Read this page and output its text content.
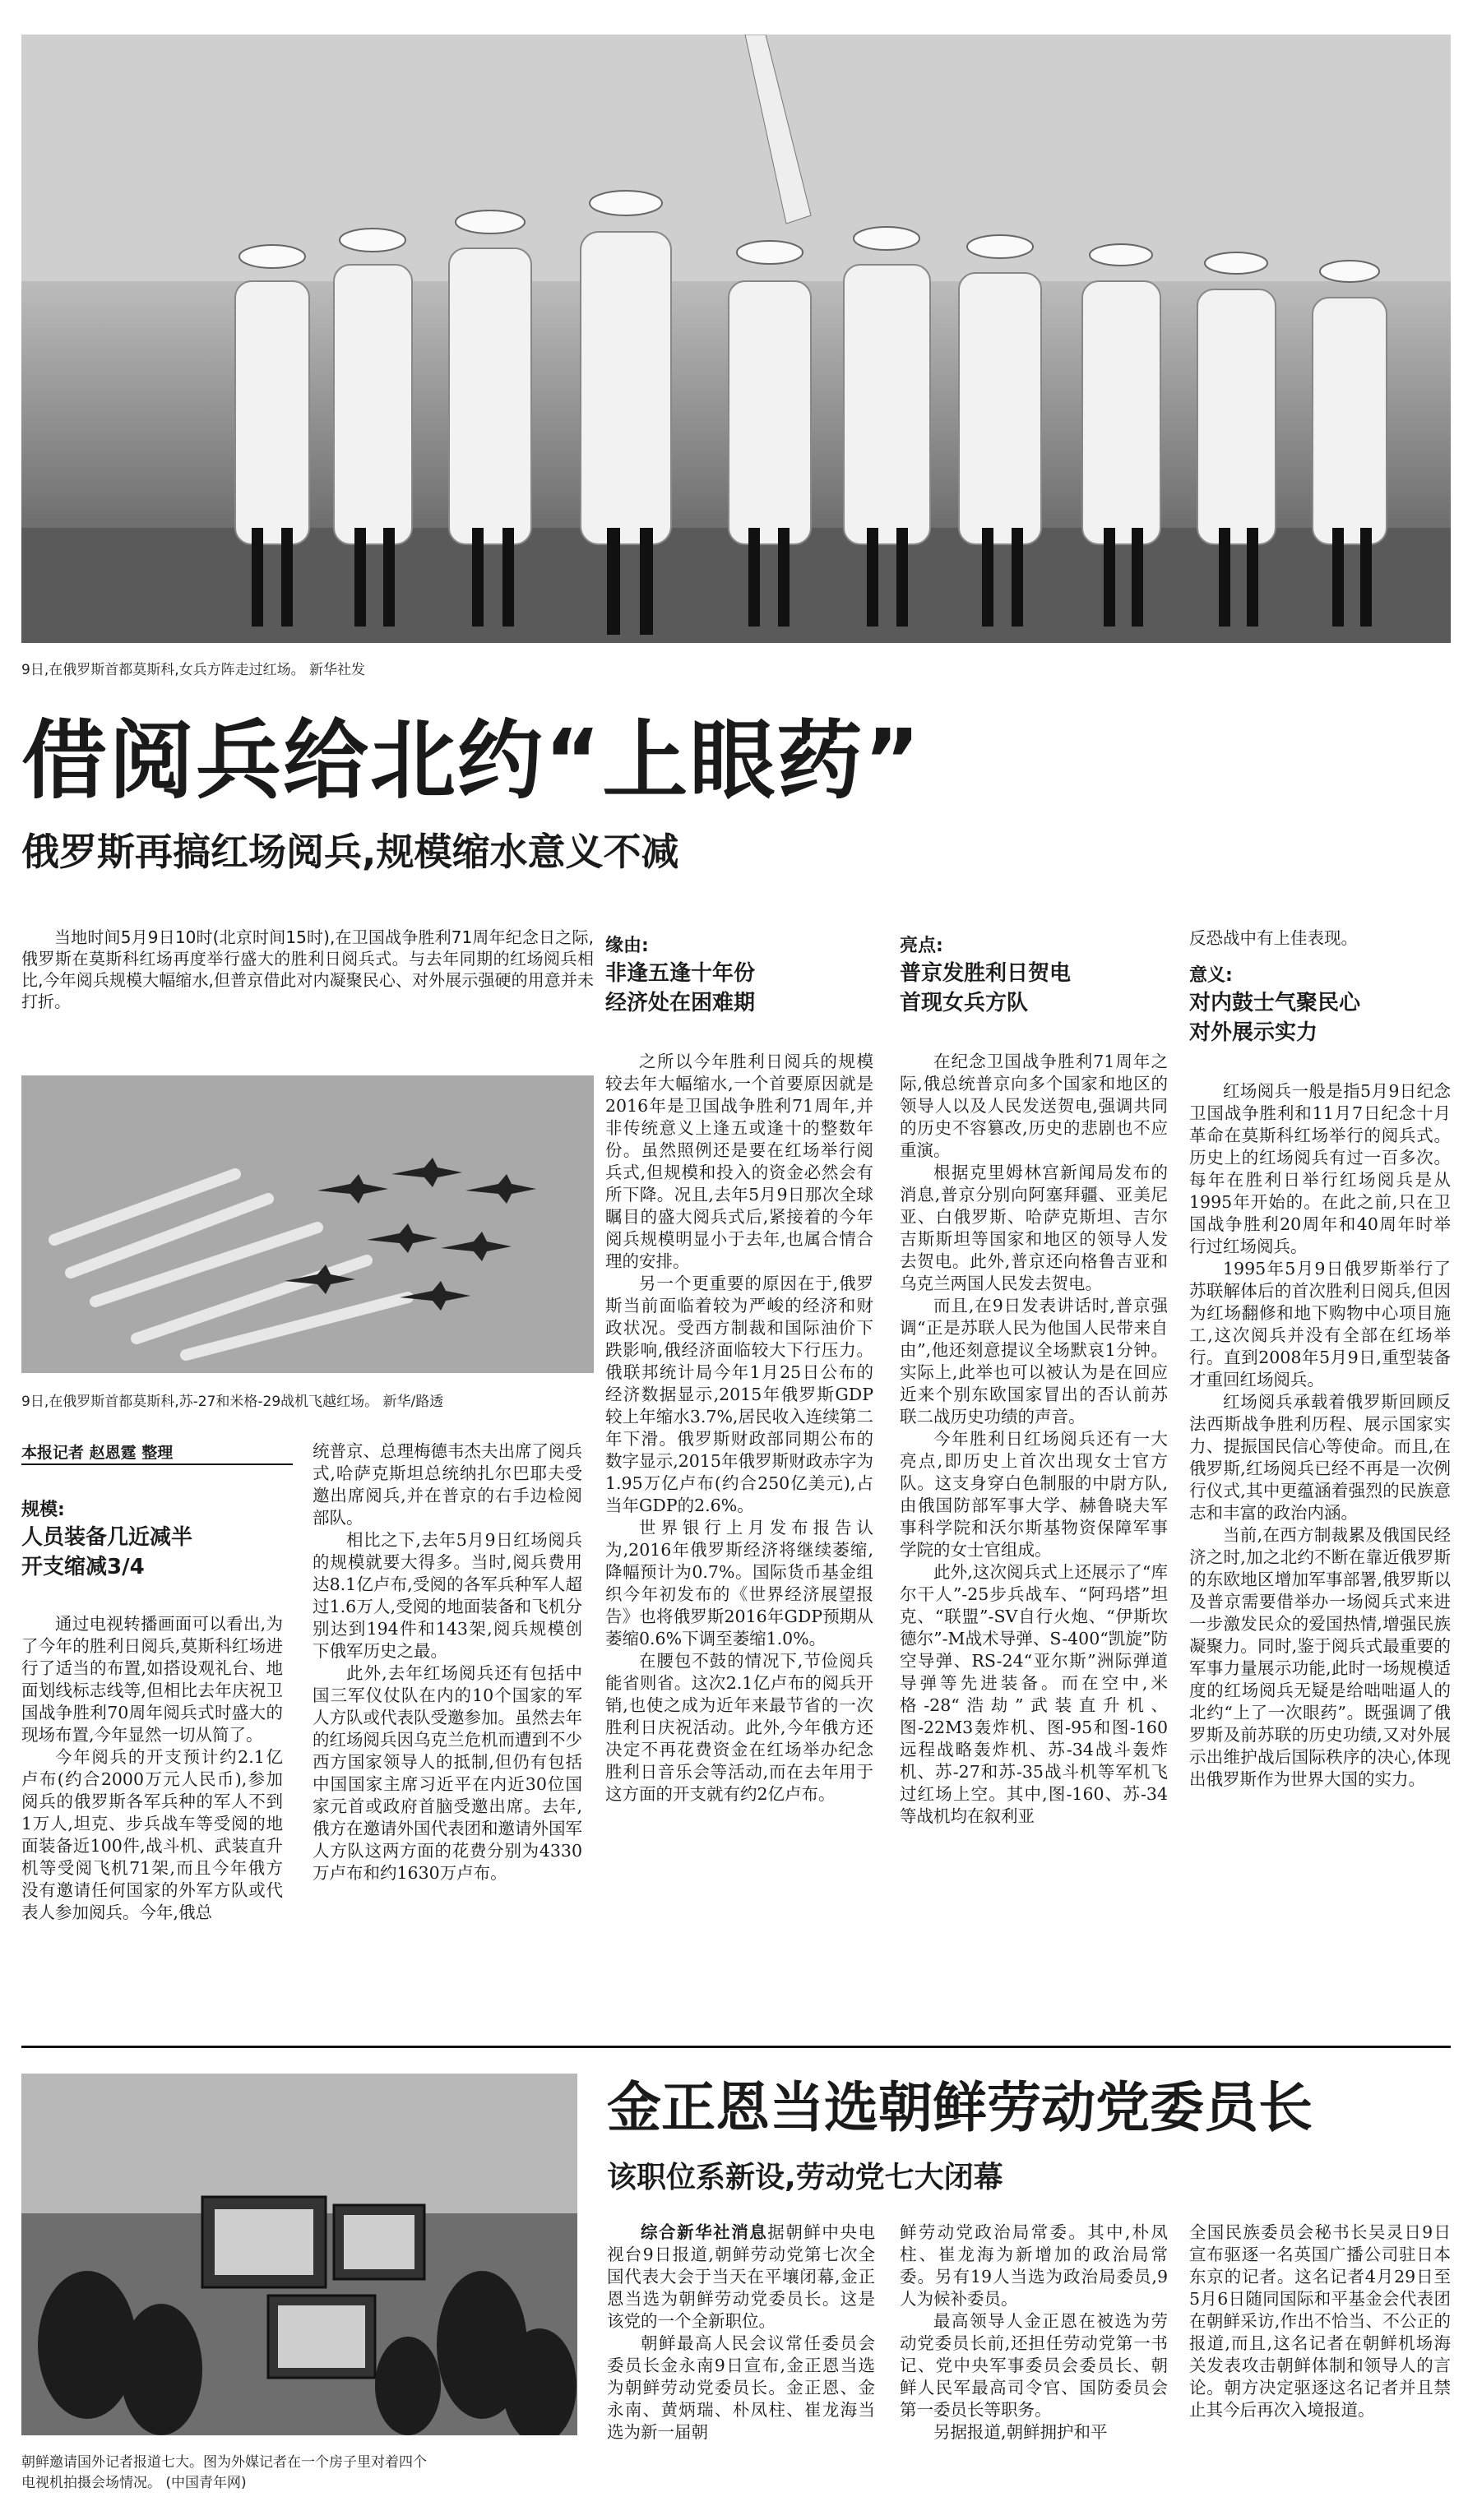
9日,在俄罗斯首都莫斯科,女兵方阵走过红场。 新华社发
借阅兵给北约“上眼药”
俄罗斯再搞红场阅兵,规模缩水意义不减

当地时间5月9日10时(北京时间15时),在卫国战争胜利71周年纪念日之际,俄罗斯在莫斯科红场再度举行盛大的胜利日阅兵式。与去年同期的红场阅兵相比,今年阅兵规模大幅缩水,但普京借此对内凝聚民心、对外展示强硬的用意并未打折。

9日,在俄罗斯首都莫斯科,苏-27和米格-29战机飞越红场。 新华/路透
本报记者 赵恩霆 整理
规模:
人员装备几近减半
开支缩减3/4

通过电视转播画面可以看出,为了今年的胜利日阅兵,莫斯科红场进行了适当的布置,如搭设观礼台、地面划线标志线等,但相比去年庆祝卫国战争胜利70周年阅兵式时盛大的现场布置,今年显然一切从简了。

今年阅兵的开支预计约2.1亿卢布(约合2000万元人民币),参加阅兵的俄罗斯各军兵种的军人不到1万人,坦克、步兵战车等受阅的地面装备近100件,战斗机、武装直升机等受阅飞机71架,而且今年俄方没有邀请任何国家的外军方队或代表人参加阅兵。今年,俄总

统普京、总理梅德韦杰夫出席了阅兵式,哈萨克斯坦总统纳扎尔巴耶夫受邀出席阅兵,并在普京的右手边检阅部队。

相比之下,去年5月9日红场阅兵的规模就要大得多。当时,阅兵费用达8.1亿卢布,受阅的各军兵种军人超过1.6万人,受阅的地面装备和飞机分别达到194件和143架,阅兵规模创下俄军历史之最。

此外,去年红场阅兵还有包括中国三军仪仗队在内的10个国家的军人方队或代表队受邀参加。虽然去年的红场阅兵因乌克兰危机而遭到不少西方国家领导人的抵制,但仍有包括中国国家主席习近平在内近30位国家元首或政府首脑受邀出席。去年,俄方在邀请外国代表团和邀请外国军人方队这两方面的花费分别为4330万卢布和约1630万卢布。

缘由:
非逢五逢十年份
经济处在困难期

之所以今年胜利日阅兵的规模较去年大幅缩水,一个首要原因就是2016年是卫国战争胜利71周年,并非传统意义上逢五或逢十的整数年份。虽然照例还是要在红场举行阅兵式,但规模和投入的资金必然会有所下降。况且,去年5月9日那次全球瞩目的盛大阅兵式后,紧接着的今年阅兵规模明显小于去年,也属合情合理的安排。

另一个更重要的原因在于,俄罗斯当前面临着较为严峻的经济和财政状况。受西方制裁和国际油价下跌影响,俄经济面临较大下行压力。俄联邦统计局今年1月25日公布的经济数据显示,2015年俄罗斯GDP较上年缩水3.7%,居民收入连续第二年下滑。俄罗斯财政部同期公布的数字显示,2015年俄罗斯财政赤字为1.95万亿卢布(约合250亿美元),占当年GDP的2.6%。

世界银行上月发布报告认为,2016年俄罗斯经济将继续萎缩,降幅预计为0.7%。国际货币基金组织今年初发布的《世界经济展望报告》也将俄罗斯2016年GDP预期从萎缩0.6%下调至萎缩1.0%。

在腰包不鼓的情况下,节俭阅兵能省则省。这次2.1亿卢布的阅兵开销,也使之成为近年来最节省的一次胜利日庆祝活动。此外,今年俄方还决定不再花费资金在红场举办纪念胜利日音乐会等活动,而在去年用于这方面的开支就有约2亿卢布。

亮点:
普京发胜利日贺电
首现女兵方队

在纪念卫国战争胜利71周年之际,俄总统普京向多个国家和地区的领导人以及人民发送贺电,强调共同的历史不容篡改,历史的悲剧也不应重演。

根据克里姆林宫新闻局发布的消息,普京分别向阿塞拜疆、亚美尼亚、白俄罗斯、哈萨克斯坦、吉尔吉斯斯坦等国家和地区的领导人发去贺电。此外,普京还向格鲁吉亚和乌克兰两国人民发去贺电。

而且,在9日发表讲话时,普京强调“正是苏联人民为他国人民带来自由”,他还刻意提议全场默哀1分钟。实际上,此举也可以被认为是在回应近来个别东欧国家冒出的否认前苏联二战历史功绩的声音。

今年胜利日红场阅兵还有一大亮点,即历史上首次出现女士官方队。这支身穿白色制服的中尉方队,由俄国防部军事大学、赫鲁晓夫军事科学院和沃尔斯基物资保障军事学院的女士官组成。

此外,这次阅兵式上还展示了“库尔干人”-25步兵战车、“阿玛塔”坦克、“联盟”-SV自行火炮、“伊斯坎德尔”-M战术导弹、S-400“凯旋”防空导弹、RS-24“亚尔斯”洲际弹道导弹等先进装备。而在空中,米格-28“浩劫”武装直升机、图-22M3轰炸机、图-95和图-160远程战略轰炸机、苏-34战斗轰炸机、苏-27和苏-35战斗机等军机飞过红场上空。其中,图-160、苏-34等战机均在叙利亚

反恐战中有上佳表现。

意义:
对内鼓士气聚民心
对外展示实力

红场阅兵一般是指5月9日纪念卫国战争胜利和11月7日纪念十月革命在莫斯科红场举行的阅兵式。历史上的红场阅兵有过一百多次。每年在胜利日举行红场阅兵是从1995年开始的。在此之前,只在卫国战争胜利20周年和40周年时举行过红场阅兵。

1995年5月9日俄罗斯举行了苏联解体后的首次胜利日阅兵,但因为红场翻修和地下购物中心项目施工,这次阅兵并没有全部在红场举行。直到2008年5月9日,重型装备才重回红场阅兵。

红场阅兵承载着俄罗斯回顾反法西斯战争胜利历程、展示国家实力、提振国民信心等使命。而且,在俄罗斯,红场阅兵已经不再是一次例行仪式,其中更蕴涵着强烈的民族意志和丰富的政治内涵。

当前,在西方制裁累及俄国民经济之时,加之北约不断在靠近俄罗斯的东欧地区增加军事部署,俄罗斯以及普京需要借举办一场阅兵式来进一步激发民众的爱国热情,增强民族凝聚力。同时,鉴于阅兵式最重要的军事力量展示功能,此时一场规模适度的红场阅兵无疑是给咄咄逼人的北约“上了一次眼药”。既强调了俄罗斯及前苏联的历史功绩,又对外展示出维护战后国际秩序的决心,体现出俄罗斯作为世界大国的实力。

朝鲜邀请国外记者报道七大。图为外媒记者在一个房子里对着四个
电视机拍摄会场情况。 (中国青年网)
金正恩当选朝鲜劳动党委员长
该职位系新设,劳动党七大闭幕

综合新华社消息据朝鲜中央电视台9日报道,朝鲜劳动党第七次全国代表大会于当天在平壤闭幕,金正恩当选为朝鲜劳动党委员长。这是该党的一个全新职位。

朝鲜最高人民会议常任委员会委员长金永南9日宣布,金正恩当选为朝鲜劳动党委员长。金正恩、金永南、黄炳瑞、朴凤柱、崔龙海当选为新一届朝

鲜劳动党政治局常委。其中,朴凤柱、崔龙海为新增加的政治局常委。另有19人当选为政治局委员,9人为候补委员。

最高领导人金正恩在被选为劳动党委员长前,还担任劳动党第一书记、党中央军事委员会委员长、朝鲜人民军最高司令官、国防委员会第一委员长等职务。

另据报道,朝鲜拥护和平

全国民族委员会秘书长吴灵日9日宣布驱逐一名英国广播公司驻日本东京的记者。这名记者4月29日至5月6日随同国际和平基金会代表团在朝鲜采访,作出不恰当、不公正的报道,而且,这名记者在朝鲜机场海关发表攻击朝鲜体制和领导人的言论。朝方决定驱逐这名记者并且禁止其今后再次入境报道。
